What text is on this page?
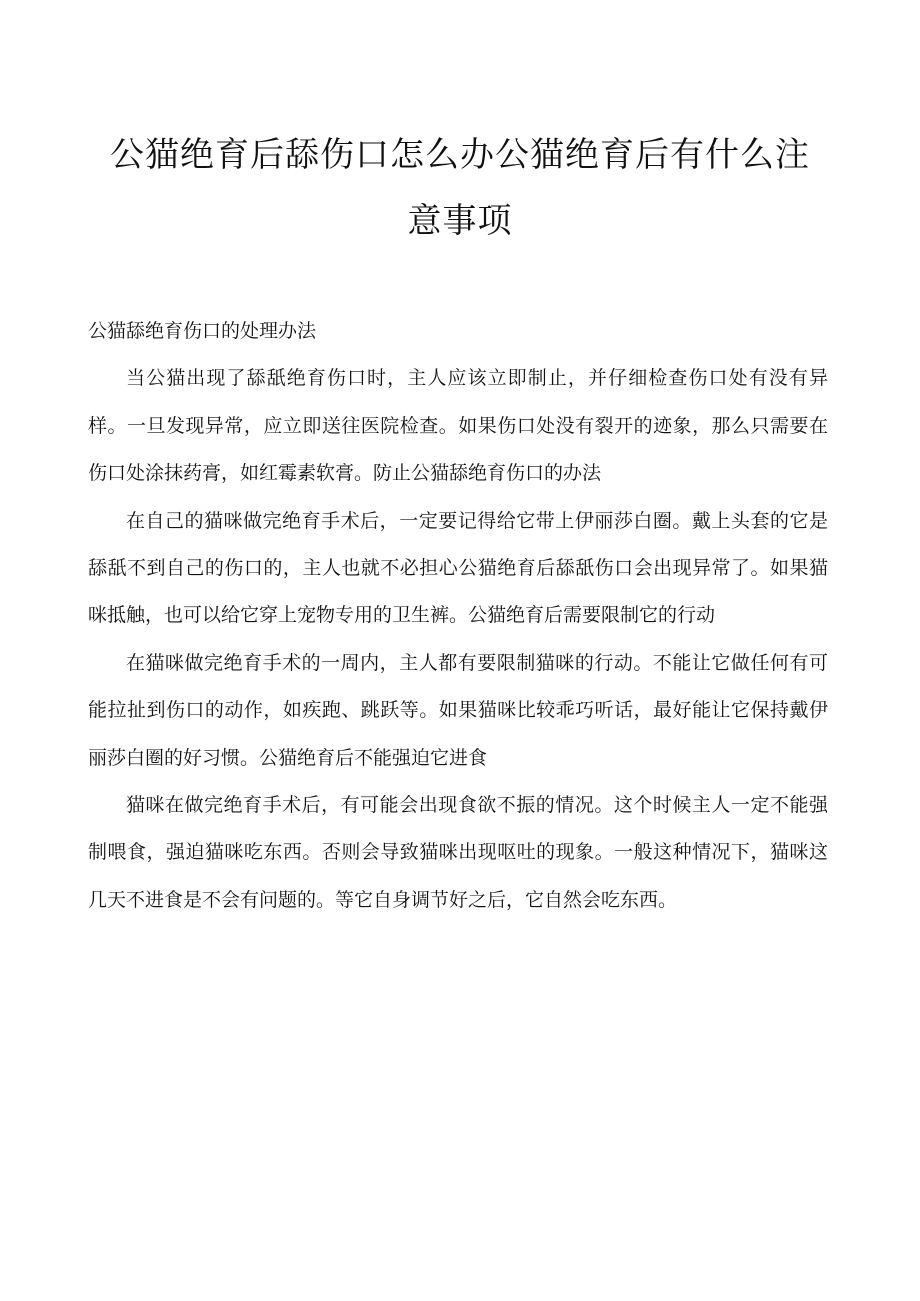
公猫绝育后舔伤口怎么办公猫绝育后有什么注
意事项

公猫舔绝育伤口的处理办法

当公猫出现了舔舐绝育伤口时，主人应该立即制止，并仔细检查伤口处有没有异样。一旦发现异常，应立即送往医院检查。如果伤口处没有裂开的迹象，那么只需要在伤口处涂抹药膏，如红霉素软膏。防止公猫舔绝育伤口的办法

在自己的猫咪做完绝育手术后，一定要记得给它带上伊丽莎白圈。戴上头套的它是舔舐不到自己的伤口的，主人也就不必担心公猫绝育后舔舐伤口会出现异常了。如果猫咪抵触，也可以给它穿上宠物专用的卫生裤。公猫绝育后需要限制它的行动

在猫咪做完绝育手术的一周内，主人都有要限制猫咪的行动。不能让它做任何有可能拉扯到伤口的动作，如疾跑、跳跃等。如果猫咪比较乖巧听话，最好能让它保持戴伊丽莎白圈的好习惯。公猫绝育后不能强迫它进食

猫咪在做完绝育手术后，有可能会出现食欲不振的情况。这个时候主人一定不能强制喂食，强迫猫咪吃东西。否则会导致猫咪出现呕吐的现象。一般这种情况下，猫咪这几天不进食是不会有问题的。等它自身调节好之后，它自然会吃东西。
